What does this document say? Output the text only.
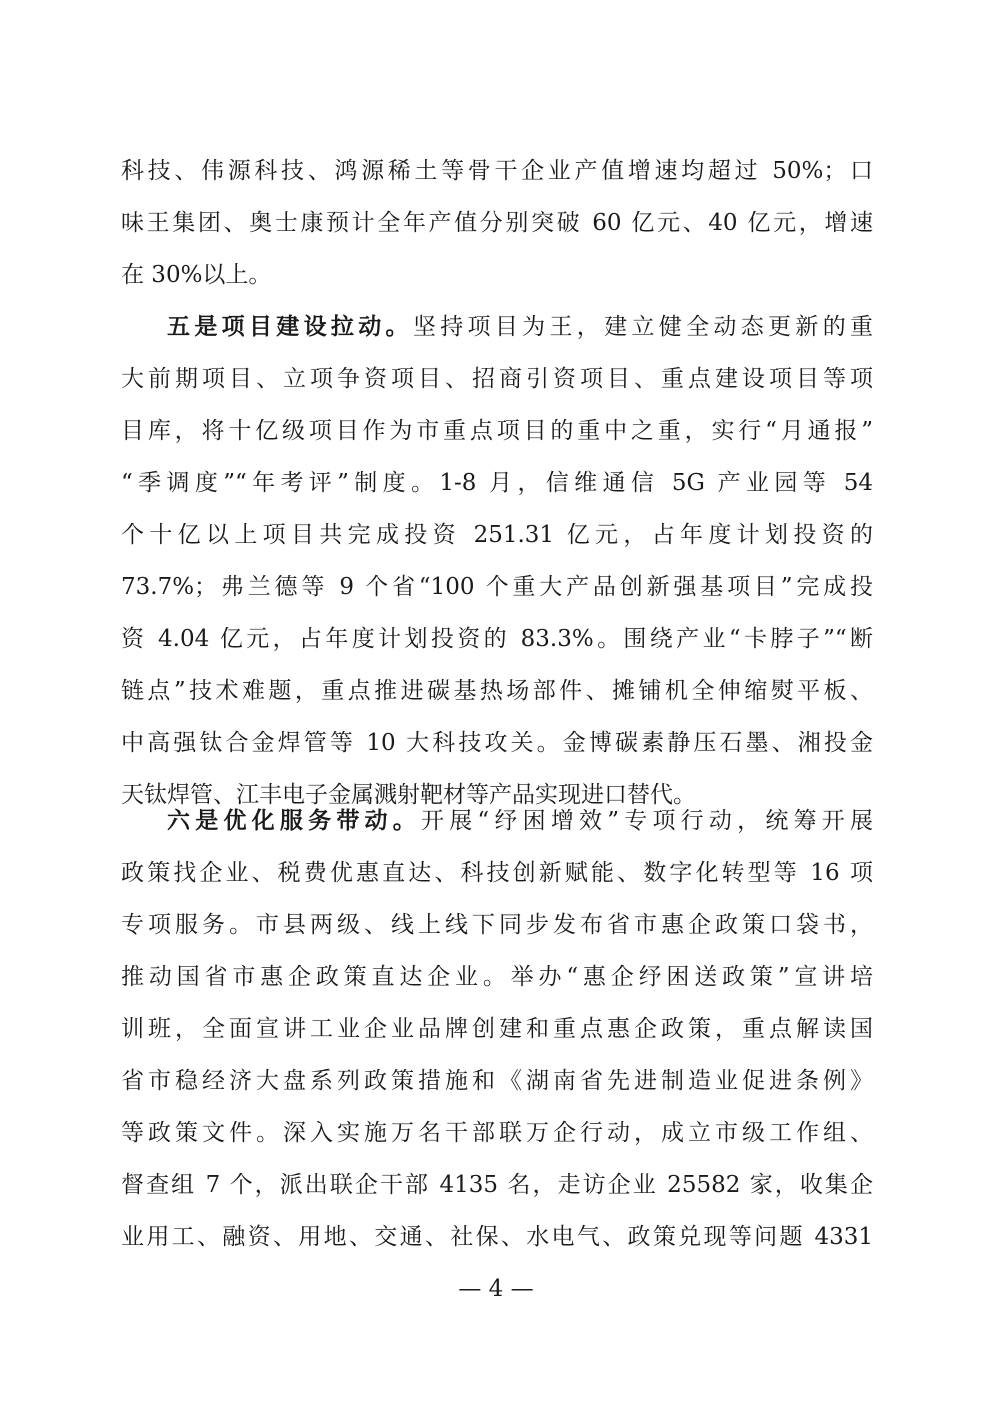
科技、伟源科技、鸿源稀土等骨干企业产值增速均超过 50%；口
味王集团、奥士康预计全年产值分别突破 60 亿元、40 亿元，增速
在 30%以上。
五是项目建设拉动。坚持项目为王，建立健全动态更新的重
大前期项目、立项争资项目、招商引资项目、重点建设项目等项
目库，将十亿级项目作为市重点项目的重中之重，实行“月通报”
“季调度”“年考评”制度。1-8 月，信维通信 5G 产业园等 54
个十亿以上项目共完成投资 251.31 亿元，占年度计划投资的
73.7%；弗兰德等 9 个省“100 个重大产品创新强基项目”完成投
资 4.04 亿元，占年度计划投资的 83.3%。围绕产业“卡脖子”“断
链点”技术难题，重点推进碳基热场部件、摊铺机全伸缩熨平板、
中高强钛合金焊管等 10 大科技攻关。金博碳素静压石墨、湘投金
天钛焊管、江丰电子金属溅射靶材等产品实现进口替代。
六是优化服务带动。开展“纾困增效”专项行动，统筹开展
政策找企业、税费优惠直达、科技创新赋能、数字化转型等 16 项
专项服务。市县两级、线上线下同步发布省市惠企政策口袋书，
推动国省市惠企政策直达企业。举办“惠企纾困送政策”宣讲培
训班，全面宣讲工业企业品牌创建和重点惠企政策，重点解读国
省市稳经济大盘系列政策措施和《湖南省先进制造业促进条例》
等政策文件。深入实施万名干部联万企行动，成立市级工作组、
督查组 7 个，派出联企干部 4135 名，走访企业 25582 家，收集企
业用工、融资、用地、交通、社保、水电气、政策兑现等问题 4331
— 4 —
